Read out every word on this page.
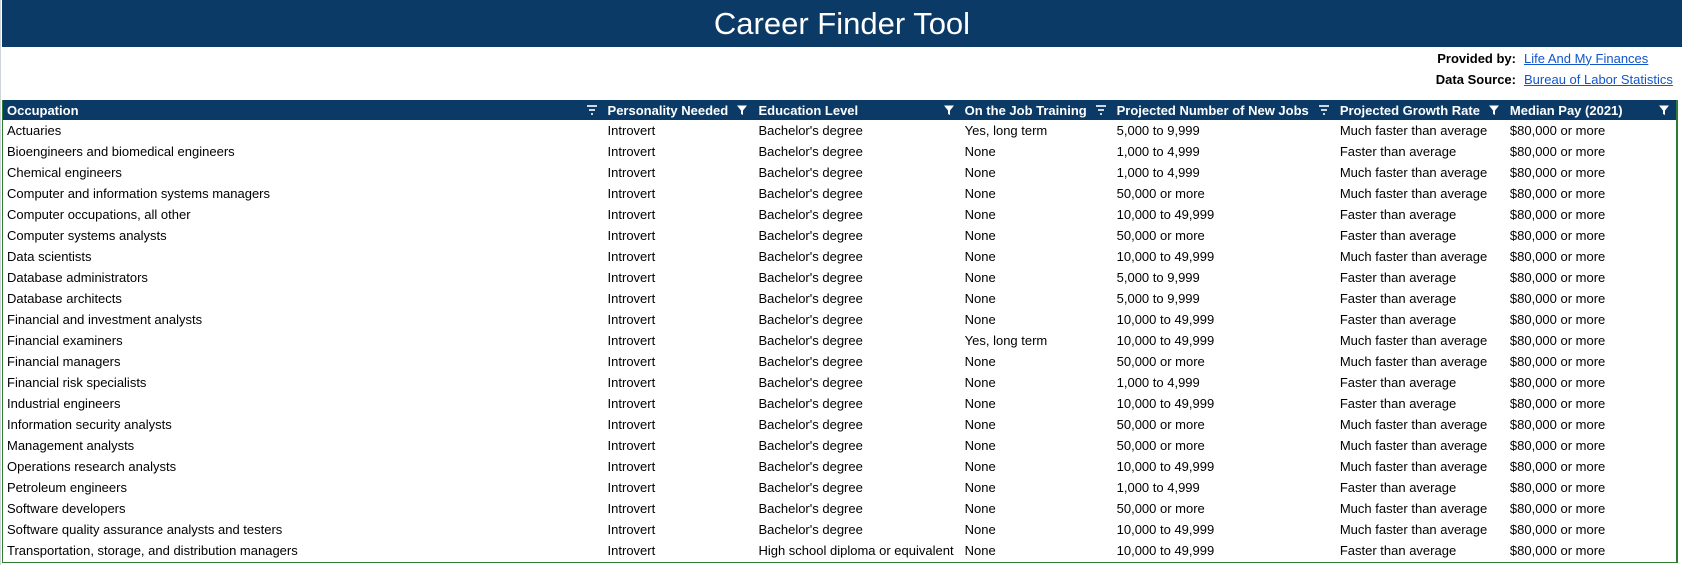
Career Finder Tool
Provided by: Life And My Finances
Data Source: Bureau of Labor Statistics
Occupation	Personality Needed	Education Level	On the Job Training	Projected Number of New Jobs	Projected Growth Rate	Median Pay (2021)

Actuaries	Introvert	Bachelor's degree	Yes, long term	5,000 to 9,999	Much faster than average	$80,000 or more
Bioengineers and biomedical engineers	Introvert	Bachelor's degree	None	1,000 to 4,999	Faster than average	$80,000 or more
Chemical engineers	Introvert	Bachelor's degree	None	1,000 to 4,999	Much faster than average	$80,000 or more
Computer and information systems managers	Introvert	Bachelor's degree	None	50,000 or more	Much faster than average	$80,000 or more
Computer occupations, all other	Introvert	Bachelor's degree	None	10,000 to 49,999	Faster than average	$80,000 or more
Computer systems analysts	Introvert	Bachelor's degree	None	50,000 or more	Faster than average	$80,000 or more
Data scientists	Introvert	Bachelor's degree	None	10,000 to 49,999	Much faster than average	$80,000 or more
Database administrators	Introvert	Bachelor's degree	None	5,000 to 9,999	Faster than average	$80,000 or more
Database architects	Introvert	Bachelor's degree	None	5,000 to 9,999	Faster than average	$80,000 or more
Financial and investment analysts	Introvert	Bachelor's degree	None	10,000 to 49,999	Faster than average	$80,000 or more
Financial examiners	Introvert	Bachelor's degree	Yes, long term	10,000 to 49,999	Much faster than average	$80,000 or more
Financial managers	Introvert	Bachelor's degree	None	50,000 or more	Much faster than average	$80,000 or more
Financial risk specialists	Introvert	Bachelor's degree	None	1,000 to 4,999	Faster than average	$80,000 or more
Industrial engineers	Introvert	Bachelor's degree	None	10,000 to 49,999	Faster than average	$80,000 or more
Information security analysts	Introvert	Bachelor's degree	None	50,000 or more	Much faster than average	$80,000 or more
Management analysts	Introvert	Bachelor's degree	None	50,000 or more	Much faster than average	$80,000 or more
Operations research analysts	Introvert	Bachelor's degree	None	10,000 to 49,999	Much faster than average	$80,000 or more
Petroleum engineers	Introvert	Bachelor's degree	None	1,000 to 4,999	Faster than average	$80,000 or more
Software developers	Introvert	Bachelor's degree	None	50,000 or more	Much faster than average	$80,000 or more
Software quality assurance analysts and testers	Introvert	Bachelor's degree	None	10,000 to 49,999	Much faster than average	$80,000 or more
Transportation, storage, and distribution managers	Introvert	High school diploma or equivalent	None	10,000 to 49,999	Faster than average	$80,000 or more
